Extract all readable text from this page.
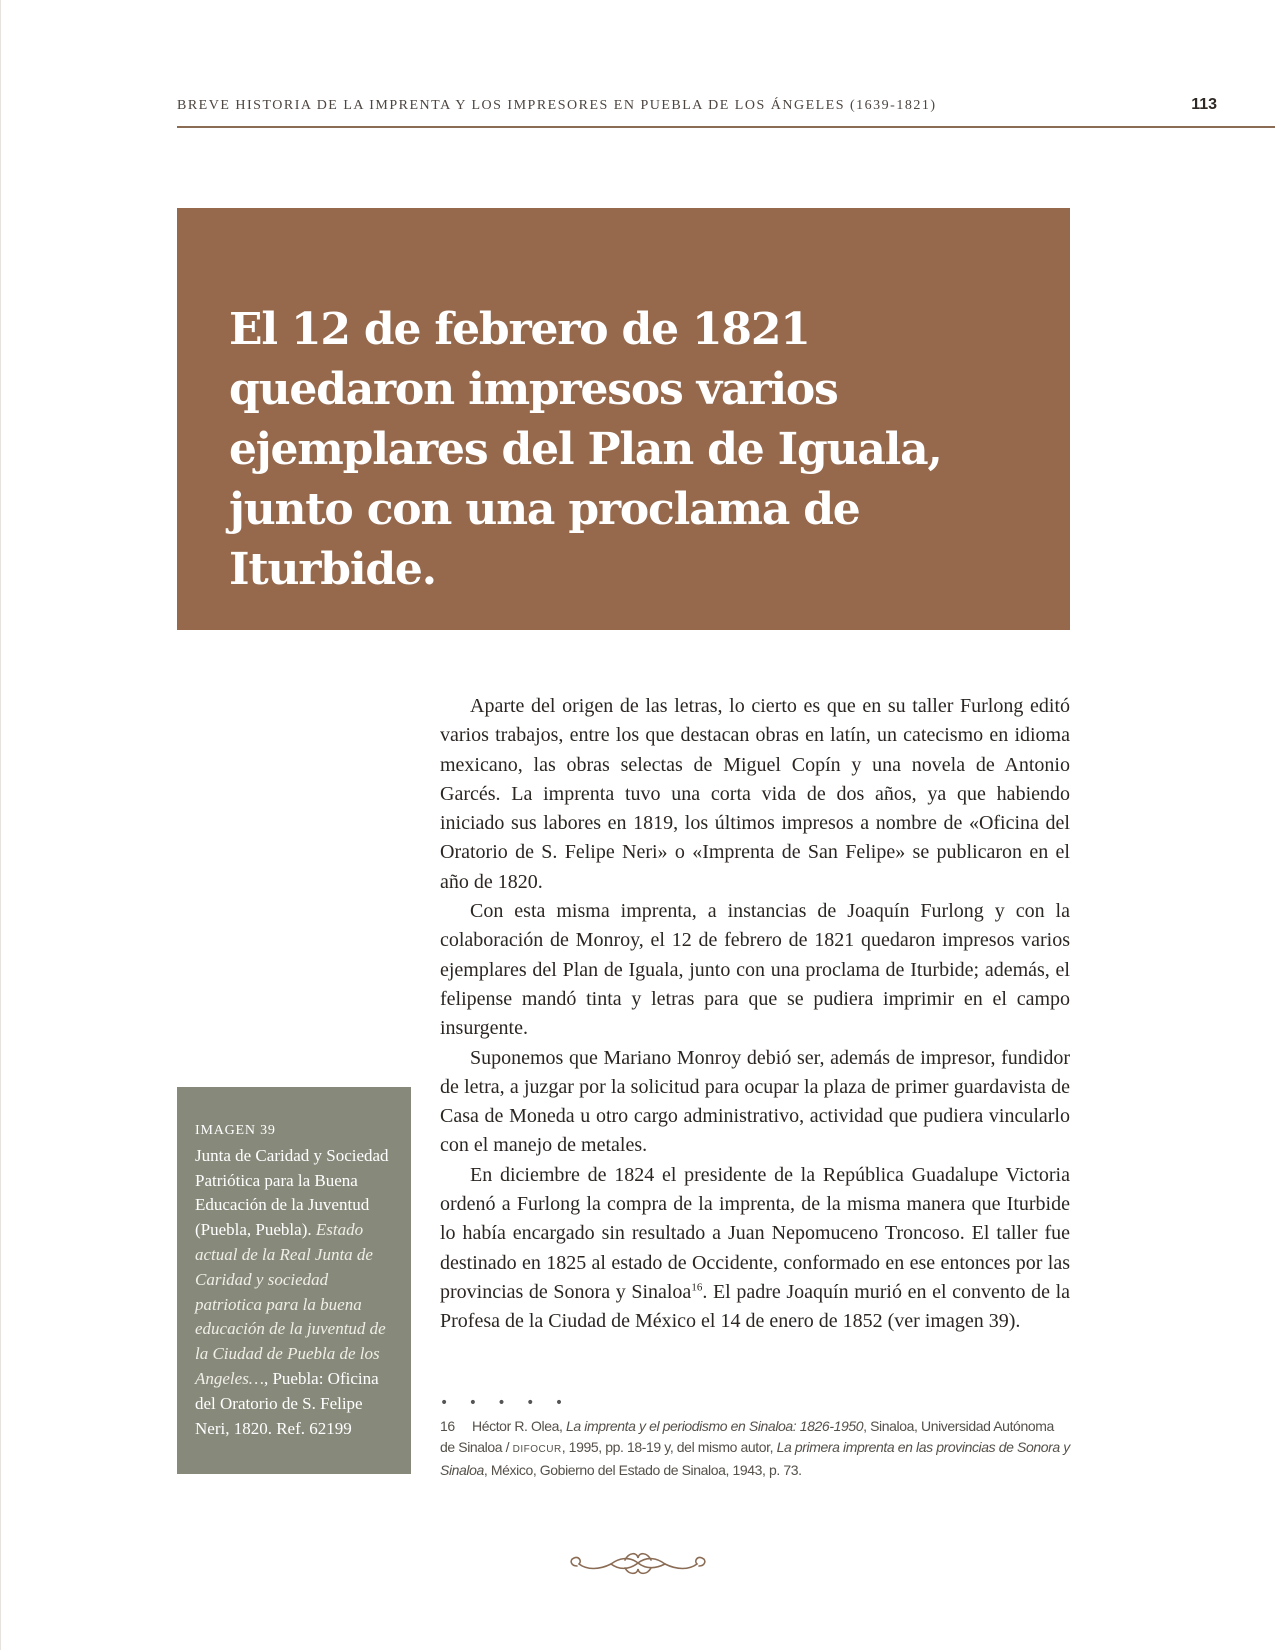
BREVE HISTORIA DE LA IMPRENTA Y LOS IMPRESORES EN PUEBLA DE LOS ÁNGELES (1639-1821)	113

El 12 de febrero de 1821 quedaron impresos varios ejemplares del Plan de Iguala, junto con una proclama de Iturbide.

Aparte del origen de las letras, lo cierto es que en su taller Furlong editó varios trabajos, entre los que destacan obras en latín, un catecismo en idioma mexicano, las obras selectas de Miguel Copín y una novela de Antonio Garcés. La imprenta tuvo una corta vida de dos años, ya que habiendo iniciado sus labores en 1819, los últimos impresos a nombre de «Oficina del Oratorio de S. Felipe Neri» o «Imprenta de San Felipe» se publicaron en el año de 1820.

Con esta misma imprenta, a instancias de Joaquín Furlong y con la colaboración de Monroy, el 12 de febrero de 1821 quedaron impresos varios ejemplares del Plan de Iguala, junto con una proclama de Iturbide; además, el felipense mandó tinta y letras para que se pudiera imprimir en el campo insurgente.

Suponemos que Mariano Monroy debió ser, además de impresor, fundidor de letra, a juzgar por la solicitud para ocupar la plaza de primer guardavista de Casa de Moneda u otro cargo administrativo, actividad que pudiera vincularlo con el manejo de metales.

En diciembre de 1824 el presidente de la República Guadalupe Victoria ordenó a Furlong la compra de la imprenta, de la misma manera que Iturbide lo había encargado sin resultado a Juan Nepomuceno Troncoso. El taller fue destinado en 1825 al estado de Occidente, conformado en ese entonces por las provincias de Sonora y Sinaloa$^{16}$. El padre Joaquín murió en el convento de la Profesa de la Ciudad de México el 14 de enero de 1852 (ver imagen 39).

IMAGEN 39
Junta de Caridad y Sociedad Patriótica para la Buena Educación de la Juventud (Puebla, Puebla). Estado actual de la Real Junta de Caridad y sociedad patriotica para la buena educación de la juventud de la Ciudad de Puebla de los Angeles…, Puebla: Oficina del Oratorio de S. Felipe Neri, 1820. Ref. 62199
• • • • •
16 Héctor R. Olea, La imprenta y el periodismo en Sinaloa: 1826-1950, Sinaloa, Universidad Autónoma de Sinaloa / DIFOCUR, 1995, pp. 18-19 y, del mismo autor, La primera imprenta en las provincias de Sonora y Sinaloa, México, Gobierno del Estado de Sinaloa, 1943, p. 73.
